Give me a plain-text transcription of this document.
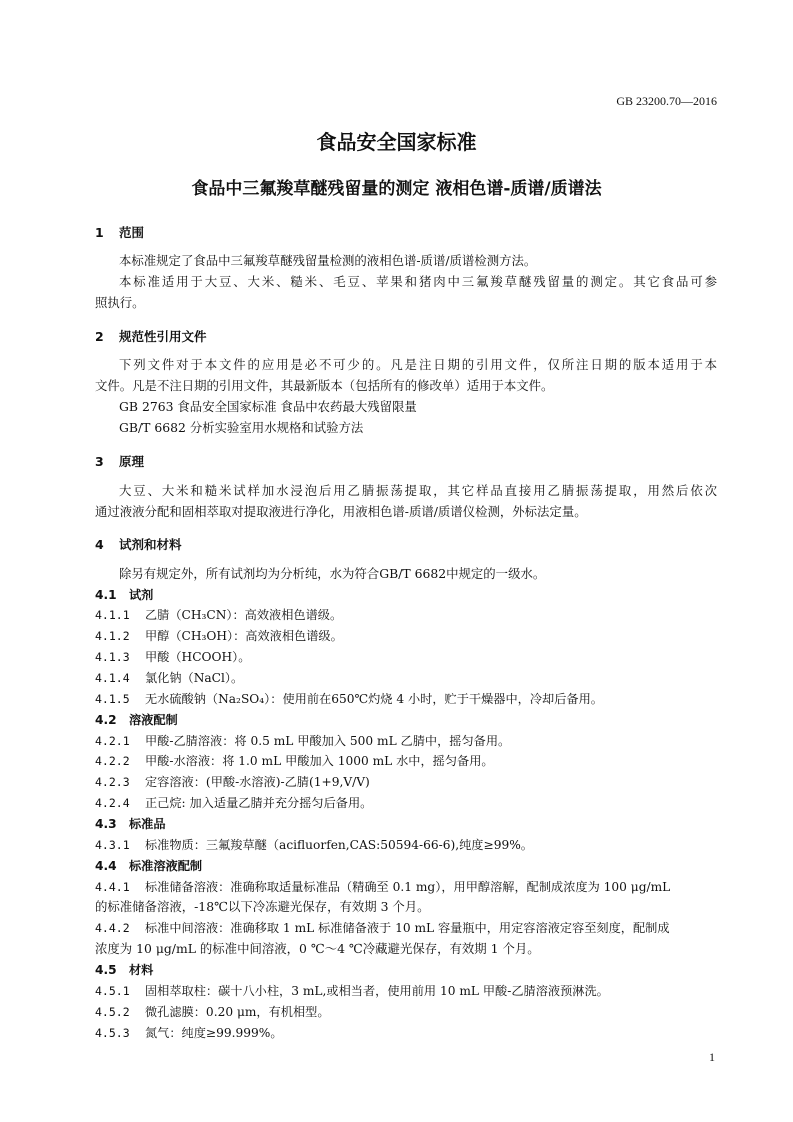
GB 23200.70—2016
食品安全国家标准
食品中三氟羧草醚残留量的测定 液相色谱-质谱/质谱法
1 范围
本标准规定了食品中三氟羧草醚残留量检测的液相色谱-质谱/质谱检测方法。
本标准适用于大豆、大米、糙米、毛豆、苹果和猪肉中三氟羧草醚残留量的测定。其它食品可参
照执行。
2 规范性引用文件
下列文件对于本文件的应用是必不可少的。凡是注日期的引用文件，仅所注日期的版本适用于本
文件。凡是不注日期的引用文件，其最新版本（包括所有的修改单）适用于本文件。
GB 2763 食品安全国家标准 食品中农药最大残留限量
GB/T 6682 分析实验室用水规格和试验方法
3 原理
大豆、大米和糙米试样加水浸泡后用乙腈振荡提取，其它样品直接用乙腈振荡提取，用然后依次
通过液液分配和固相萃取对提取液进行净化，用液相色谱-质谱/质谱仪检测，外标法定量。
4 试剂和材料
除另有规定外，所有试剂均为分析纯，水为符合GB/T 6682中规定的一级水。
4.1 试剂
4.1.1 乙腈（CH₃CN）：高效液相色谱级。
4.1.2 甲醇（CH₃OH）：高效液相色谱级。
4.1.3 甲酸（HCOOH）。
4.1.4 氯化钠（NaCl）。
4.1.5 无水硫酸钠（Na₂SO₄）：使用前在650℃灼烧 4 小时，贮于干燥器中，冷却后备用。
4.2 溶液配制
4.2.1 甲酸-乙腈溶液：将 0.5 mL 甲酸加入 500 mL 乙腈中，摇匀备用。
4.2.2 甲酸-水溶液：将 1.0 mL 甲酸加入 1000 mL 水中，摇匀备用。
4.2.3 定容溶液：(甲酸-水溶液)-乙腈(1+9,V/V)
4.2.4 正己烷: 加入适量乙腈并充分摇匀后备用。
4.3 标准品
4.3.1 标准物质：三氟羧草醚（acifluorfen,CAS:50594-66-6),纯度≥99%。
4.4 标准溶液配制
4.4.1 标准储备溶液：准确称取适量标准品（精确至 0.1 mg），用甲醇溶解，配制成浓度为 100 μg/mL
的标准储备溶液，-18℃以下冷冻避光保存，有效期 3 个月。
4.4.2 标准中间溶液：准确移取 1 mL 标准储备液于 10 mL 容量瓶中，用定容溶液定容至刻度，配制成
浓度为 10 μg/mL 的标准中间溶液，0 ℃～4 ℃冷藏避光保存，有效期 1 个月。
4.5 材料
4.5.1 固相萃取柱：碳十八小柱，3 mL,或相当者，使用前用 10 mL 甲酸-乙腈溶液预淋洗。
4.5.2 微孔滤膜：0.20 μm，有机相型。
4.5.3 氮气：纯度≥99.999%。
1
